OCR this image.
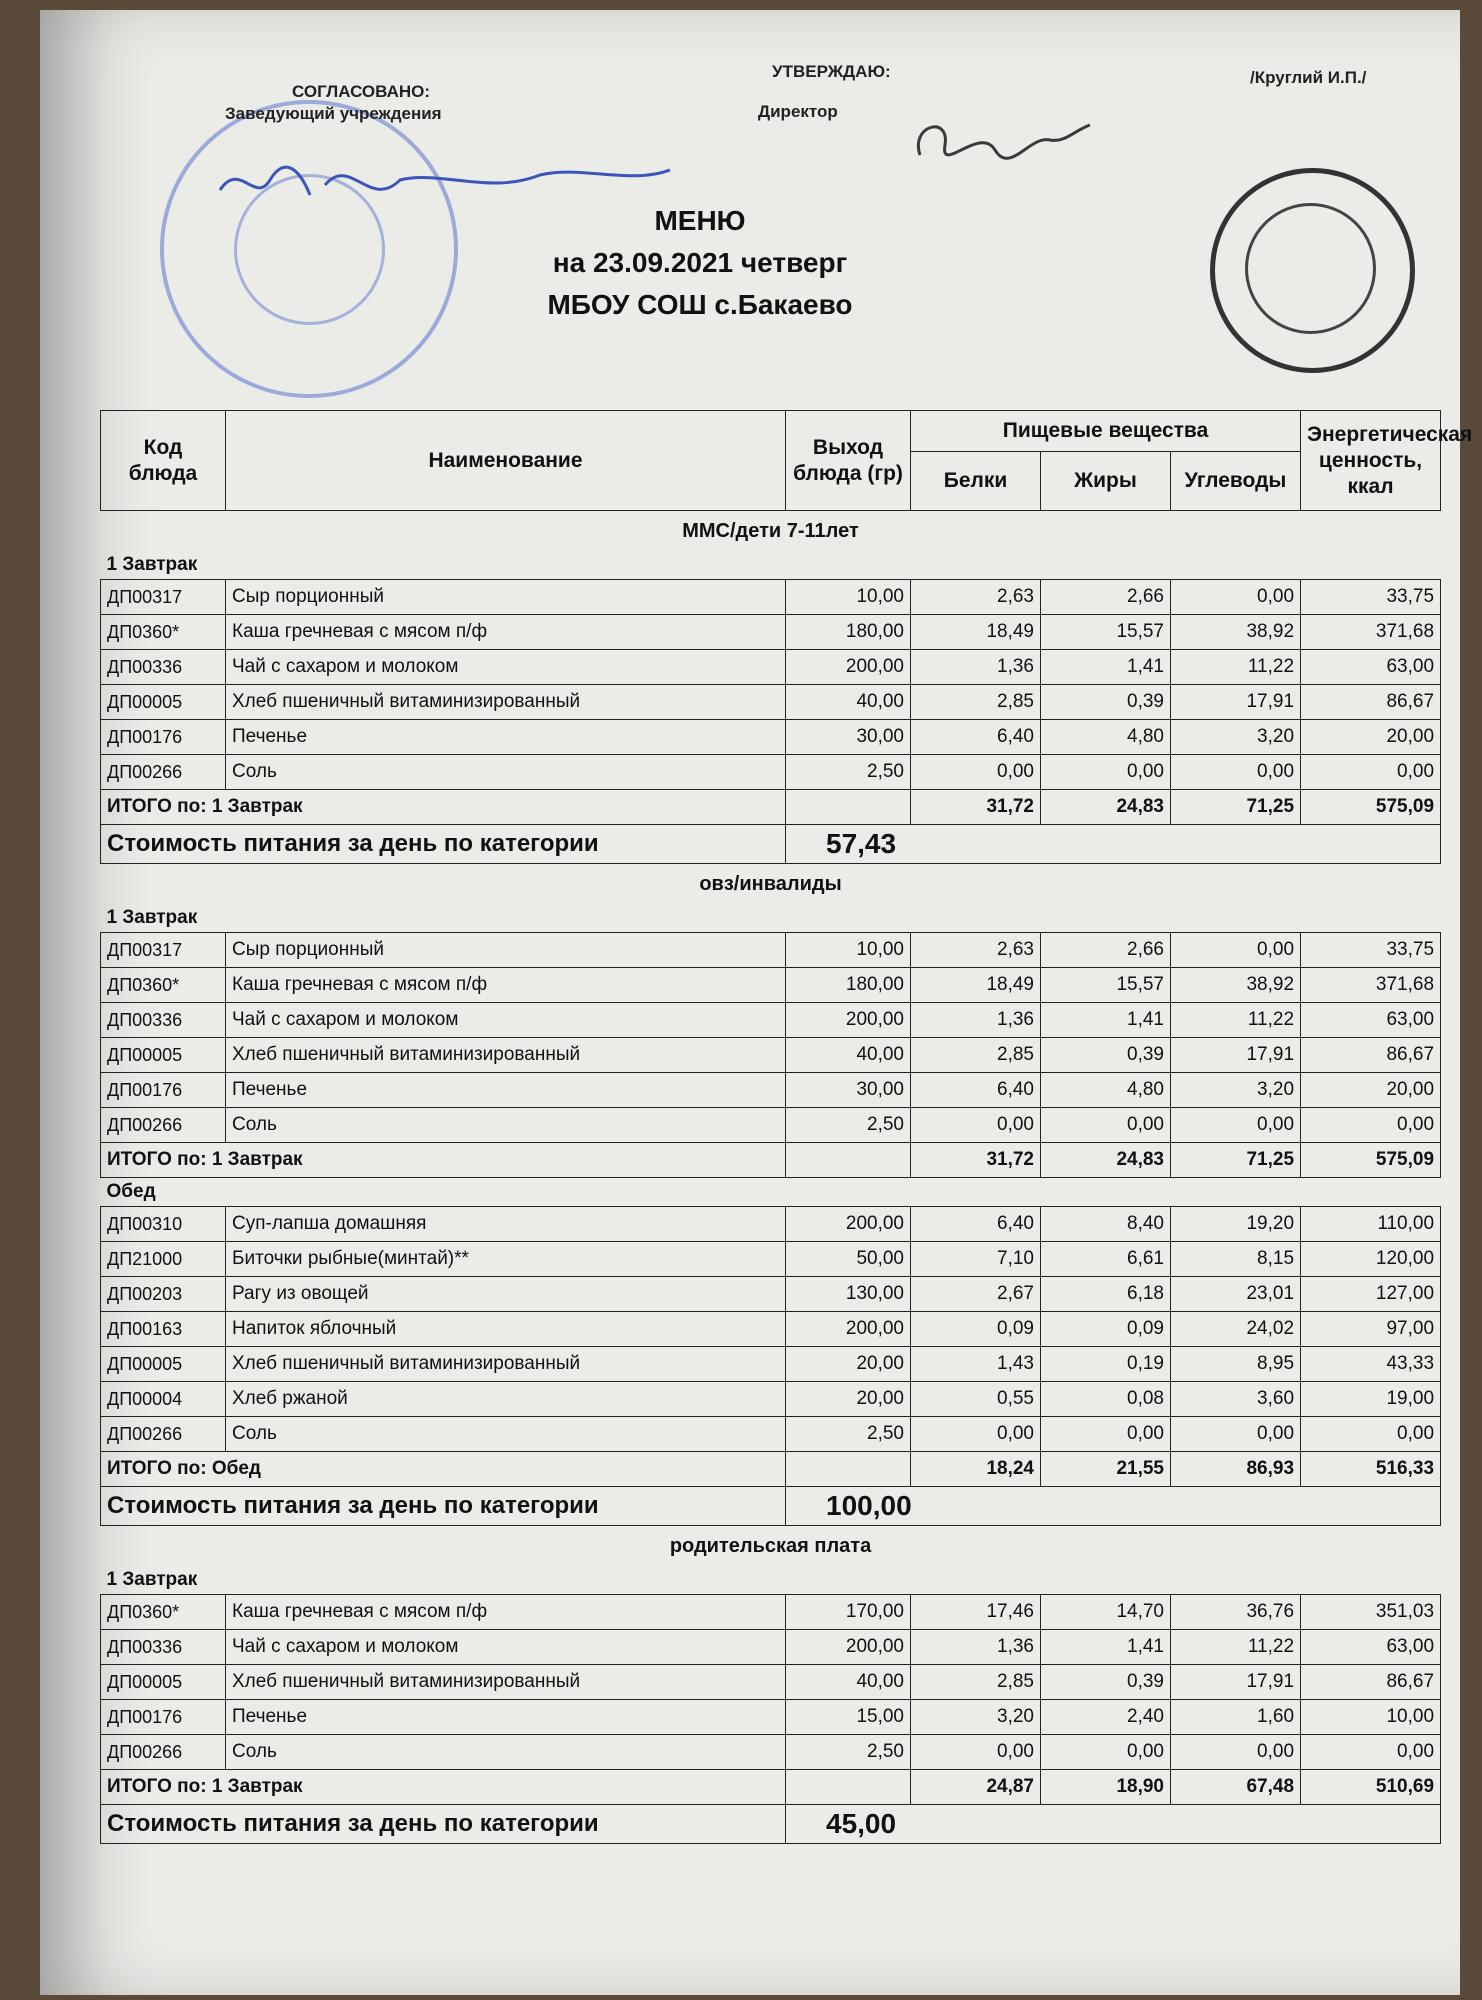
СОГЛАСОВАНО:
Заведующий учреждения
УТВЕРЖДАЮ:
Директор
/Круглий И.П./
МЕНЮ
на 23.09.2021 четверг
МБОУ СОШ с.Бакаево
Код блюда	Наименование	Выход блюда (гр)	Пищевые вещества			Энергетическая ценность, ккал
			Белки	Жиры	Углеводы	
ММС/дети 7-11лет						
1 Завтрак						
ДП00317	Сыр порционный	10,00	2,63	2,66	0,00	33,75
ДП0360*	Каша гречневая с мясом п/ф	180,00	18,49	15,57	38,92	371,68
ДП00336	Чай с сахаром и молоком	200,00	1,36	1,41	11,22	63,00
ДП00005	Хлеб пшеничный витаминизированный	40,00	2,85	0,39	17,91	86,67
ДП00176	Печенье	30,00	6,40	4,80	3,20	20,00
ДП00266	Соль	2,50	0,00	0,00	0,00	0,00
ИТОГО по: 1 Завтрак			31,72	24,83	71,25	575,09
Стоимость питания за день по категории		57,43				
овз/инвалиды						
1 Завтрак						
ДП00317	Сыр порционный	10,00	2,63	2,66	0,00	33,75
ДП0360*	Каша гречневая с мясом п/ф	180,00	18,49	15,57	38,92	371,68
ДП00336	Чай с сахаром и молоком	200,00	1,36	1,41	11,22	63,00
ДП00005	Хлеб пшеничный витаминизированный	40,00	2,85	0,39	17,91	86,67
ДП00176	Печенье	30,00	6,40	4,80	3,20	20,00
ДП00266	Соль	2,50	0,00	0,00	0,00	0,00
ИТОГО по: 1 Завтрак			31,72	24,83	71,25	575,09
Обед						
ДП00310	Суп-лапша домашняя	200,00	6,40	8,40	19,20	110,00
ДП21000	Биточки рыбные(минтай)**	50,00	7,10	6,61	8,15	120,00
ДП00203	Рагу из овощей	130,00	2,67	6,18	23,01	127,00
ДП00163	Напиток яблочный	200,00	0,09	0,09	24,02	97,00
ДП00005	Хлеб пшеничный витаминизированный	20,00	1,43	0,19	8,95	43,33
ДП00004	Хлеб ржаной	20,00	0,55	0,08	3,60	19,00
ДП00266	Соль	2,50	0,00	0,00	0,00	0,00
ИТОГО по: Обед			18,24	21,55	86,93	516,33
Стоимость питания за день по категории		100,00				
родительская плата						
1 Завтрак						
ДП0360*	Каша гречневая с мясом п/ф	170,00	17,46	14,70	36,76	351,03
ДП00336	Чай с сахаром и молоком	200,00	1,36	1,41	11,22	63,00
ДП00005	Хлеб пшеничный витаминизированный	40,00	2,85	0,39	17,91	86,67
ДП00176	Печенье	15,00	3,20	2,40	1,60	10,00
ДП00266	Соль	2,50	0,00	0,00	0,00	0,00
ИТОГО по: 1 Завтрак			24,87	18,90	67,48	510,69
Стоимость питания за день по категории		45,00				
